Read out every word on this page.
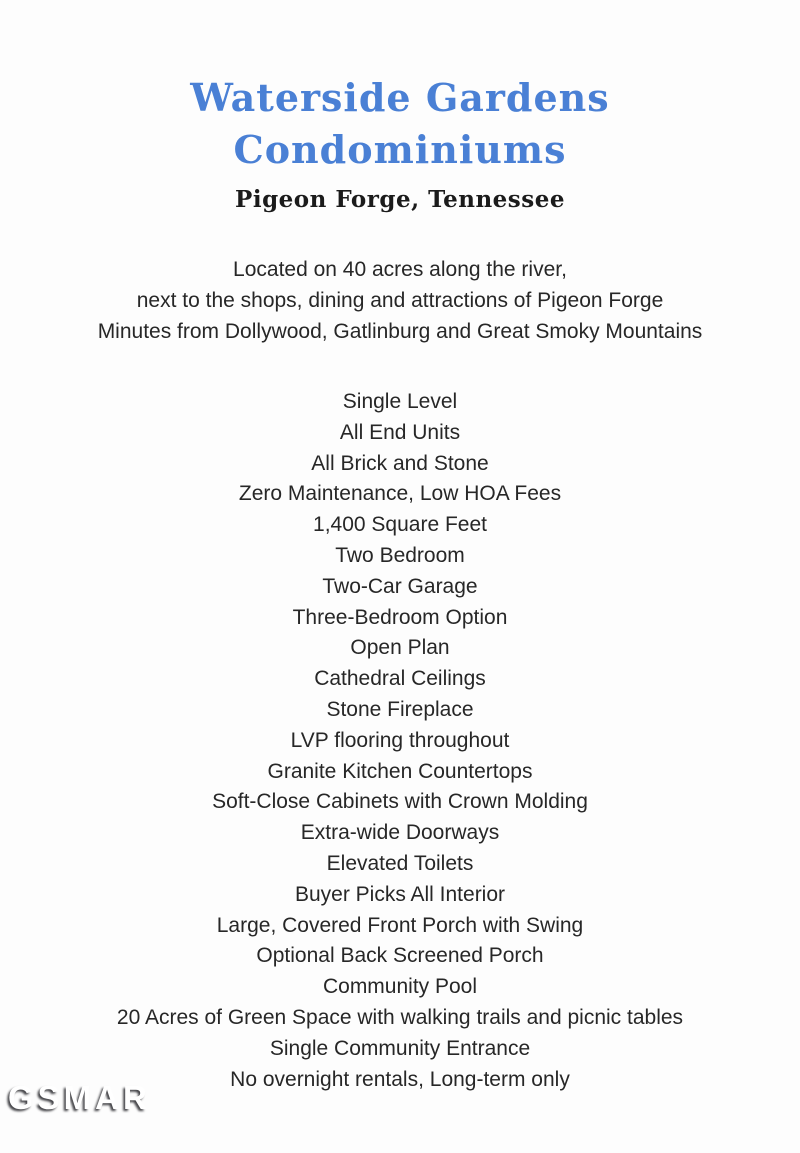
Waterside Gardens
Condominiums
Pigeon Forge, Tennessee
Located on 40 acres along the river,
next to the shops, dining and attractions of Pigeon Forge
Minutes from Dollywood, Gatlinburg and Great Smoky Mountains
Single Level
All End Units
All Brick and Stone
Zero Maintenance, Low HOA Fees
1,400 Square Feet
Two Bedroom
Two-Car Garage
Three-Bedroom Option
Open Plan
Cathedral Ceilings
Stone Fireplace
LVP flooring throughout
Granite Kitchen Countertops
Soft-Close Cabinets with Crown Molding
Extra-wide Doorways
Elevated Toilets
Buyer Picks All Interior
Large, Covered Front Porch with Swing
Optional Back Screened Porch
Community Pool
20 Acres of Green Space with walking trails and picnic tables
Single Community Entrance
No overnight rentals, Long-term only
GSMAR
